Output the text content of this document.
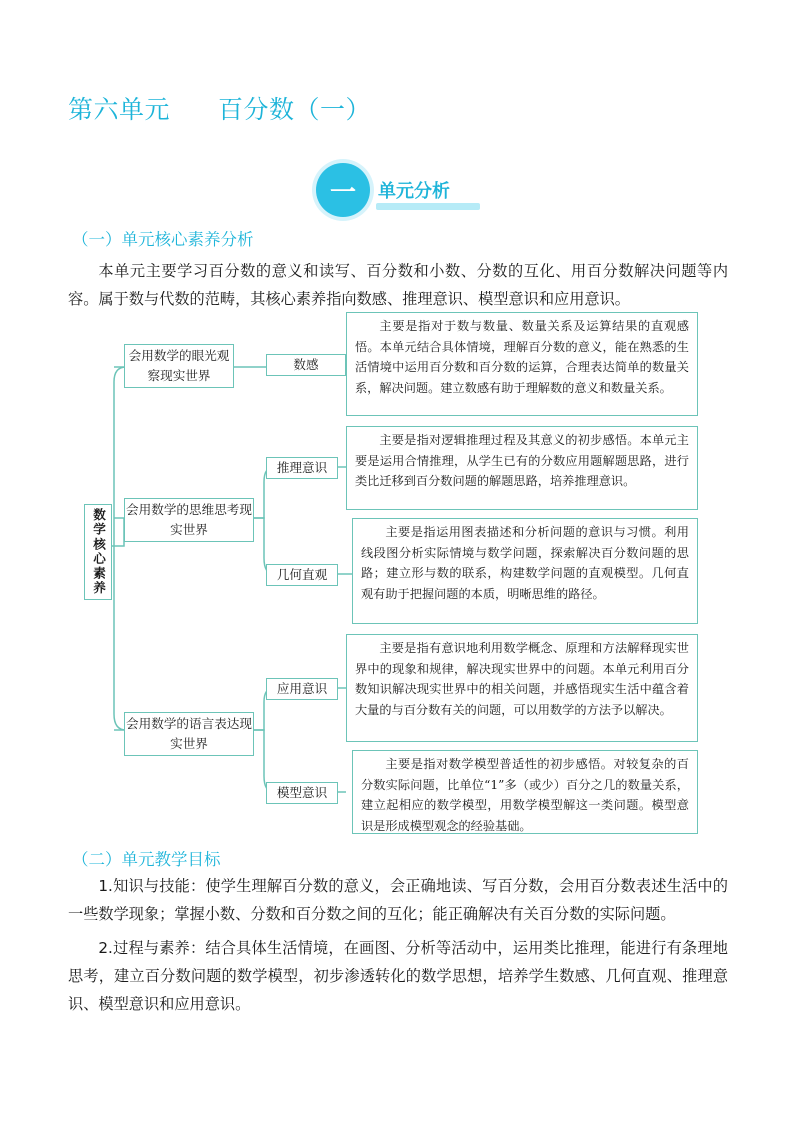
第六单元 百分数（一）
一	单元分析
（一）单元核心素养分析
本单元主要学习百分数的意义和读写、百分数和小数、分数的互化、用百分数解决问题等内容。属于数与代数的范畴，其核心素养指向数感、推理意识、模型意识和应用意识。
数学核心素养
会用数学的眼光观察现实世界
会用数学的思维思考现实世界
会用数学的语言表达现实世界
数感
推理意识
几何直观
应用意识
模型意识
主要是指对于数与数量、数量关系及运算结果的直观感悟。本单元结合具体情境，理解百分数的意义，能在熟悉的生活情境中运用百分数和百分数的运算，合理表达简单的数量关系，解决问题。建立数感有助于理解数的意义和数量关系。
主要是指对逻辑推理过程及其意义的初步感悟。本单元主要是运用合情推理，从学生已有的分数应用题解题思路，进行类比迁移到百分数问题的解题思路，培养推理意识。
主要是指运用图表描述和分析问题的意识与习惯。利用线段图分析实际情境与数学问题，探索解决百分数问题的思路；建立形与数的联系，构建数学问题的直观模型。几何直观有助于把握问题的本质，明晰思维的路径。
主要是指有意识地利用数学概念、原理和方法解释现实世界中的现象和规律，解决现实世界中的问题。本单元利用百分数知识解决现实世界中的相关问题，并感悟现实生活中蕴含着大量的与百分数有关的问题，可以用数学的方法予以解决。
主要是指对数学模型普适性的初步感悟。对较复杂的百分数实际问题，比单位“1”多（或少）百分之几的数量关系，建立起相应的数学模型，用数学模型解这一类问题。模型意识是形成模型观念的经验基础。
（二）单元教学目标
1.知识与技能：使学生理解百分数的意义，会正确地读、写百分数，会用百分数表述生活中的一些数学现象；掌握小数、分数和百分数之间的互化；能正确解决有关百分数的实际问题。
2.过程与素养：结合具体生活情境，在画图、分析等活动中，运用类比推理，能进行有条理地思考，建立百分数问题的数学模型，初步渗透转化的数学思想，培养学生数感、几何直观、推理意识、模型意识和应用意识。
